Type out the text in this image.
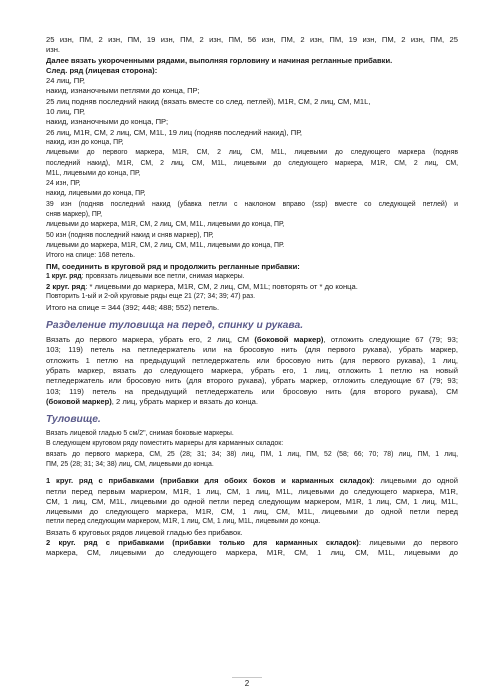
25 изн, ПМ, 2 изн, ПМ, 19 изн, ПМ, 2 изн, ПМ, 56 изн, ПМ, 2 изн, ПМ, 19 изн, ПМ, 2 изн, ПМ, 25

изн.

Далее вязать укороченными рядами, выполняя горловину и начиная регланные прибавки.

След. ряд (лицевая сторона):

24 лиц, ПР,

накид, изнаночными петлями до конца, ПР;

25 лиц подняв последний накид (вязать вместе со след. петлей), M1R, СМ, 2 лиц, СМ, M1L,

10 лиц, ПР,

накид, изнаночными до конца, ПР;

26 лиц, M1R, СМ, 2 лиц, СМ, M1L, 19 лиц (подняв последний накид), ПР,

накид, изн до конца, ПР,

лицевыми до первого маркера, M1R, СМ, 2 лиц, СМ, M1L, лицевыми до следующего маркера (подняв

последний накид), M1R, СМ, 2 лиц, СМ, M1L, лицевыми до следующего маркера, M1R, СМ, 2 лиц, СМ,

M1L, лицевыми до конца, ПР,

24 изн, ПР,

накид, лицевыми до конца, ПР,

39 изн (подняв последний накид (убавка петли с наклоном вправо (ssp) вместе со следующей петлей) и

сняв маркер), ПР,

лицевыми до маркера, M1R, СМ, 2 лиц, СМ, M1L, лицевыми до конца, ПР,

50 изн (подняв последний накид и сняв маркер), ПР,

лицевыми до маркера, M1R, СМ, 2 лиц, СМ, M1L, лицевыми до конца, ПР.

Итого на спице: 168 петель.

ПМ, соединить в круговой ряд и продолжить регланные прибавки:

1 круг. ряд: провязать лицевыми все петли, снимая маркеры.

2 круг. ряд: * лицевыми до маркера, M1R, СМ, 2 лиц, СМ, M1L; повторять от * до конца.

Повторить 1-ый и 2-ой круговые ряды еще 21 (27; 34; 39; 47) раз.

Итого на спице = 344 (392; 448; 488; 552) петель.

Разделение туловища на перед, спинку и рукава.

Вязать до первого маркера, убрать его, 2 лиц, СМ (боковой маркер), отложить следующие 67 (79; 93;

103; 119) петель на петледержатель или на бросовую нить (для первого рукава), убрать маркер,

отложить 1 петлю на предыдущий петледержатель или бросовую нить (для первого рукава), 1 лиц,

убрать маркер, вязать до следующего маркера, убрать его, 1 лиц, отложить 1 петлю на новый

петледержатель или бросовую нить (для второго рукава), убрать маркер, отложить следующие 67 (79; 93;

103; 119) петель на предыдущий петледержатель или бросовую нить (для второго рукава), СМ

(боковой маркер), 2 лиц, убрать маркер и вязать до конца.

Туловище.

Вязать лицевой гладью 5 см/2", снимая боковые маркеры.

В следующем круговом ряду поместить маркеры для карманных складок:

вязать до первого маркера, СМ, 25 (28; 31; 34; 38) лиц, ПМ, 1 лиц, ПМ, 52 (58; 66; 70; 78) лиц, ПМ, 1 лиц,

ПМ, 25 (28; 31; 34; 38) лиц, СМ, лицевыми до конца.

1 круг. ряд с прибавками (прибавки для обоих боков и карманных складок): лицевыми до одной

петли перед первым маркером, M1R, 1 лиц, СМ, 1 лиц, M1L, лицевыми до следующего маркера, M1R,

СМ, 1 лиц, СМ, M1L, лицевыми до одной петли перед следующим маркером, M1R, 1 лиц, СМ, 1 лиц, M1L,

лицевыми до следующего маркера, M1R, СМ, 1 лиц, СМ, M1L, лицевыми до одной петли перед

петли перед следующим маркером, M1R, 1 лиц, СМ, 1 лиц, M1L, лицевыми до конца.

Вязать 6 круговых рядов лицевой гладью без прибавок.

2 круг. ряд с прибавками (прибавки только для карманных складок): лицевыми до первого

маркера, СМ, лицевыми до следующего маркера, M1R, СМ, 1 лиц, СМ, M1L, лицевыми до

2
